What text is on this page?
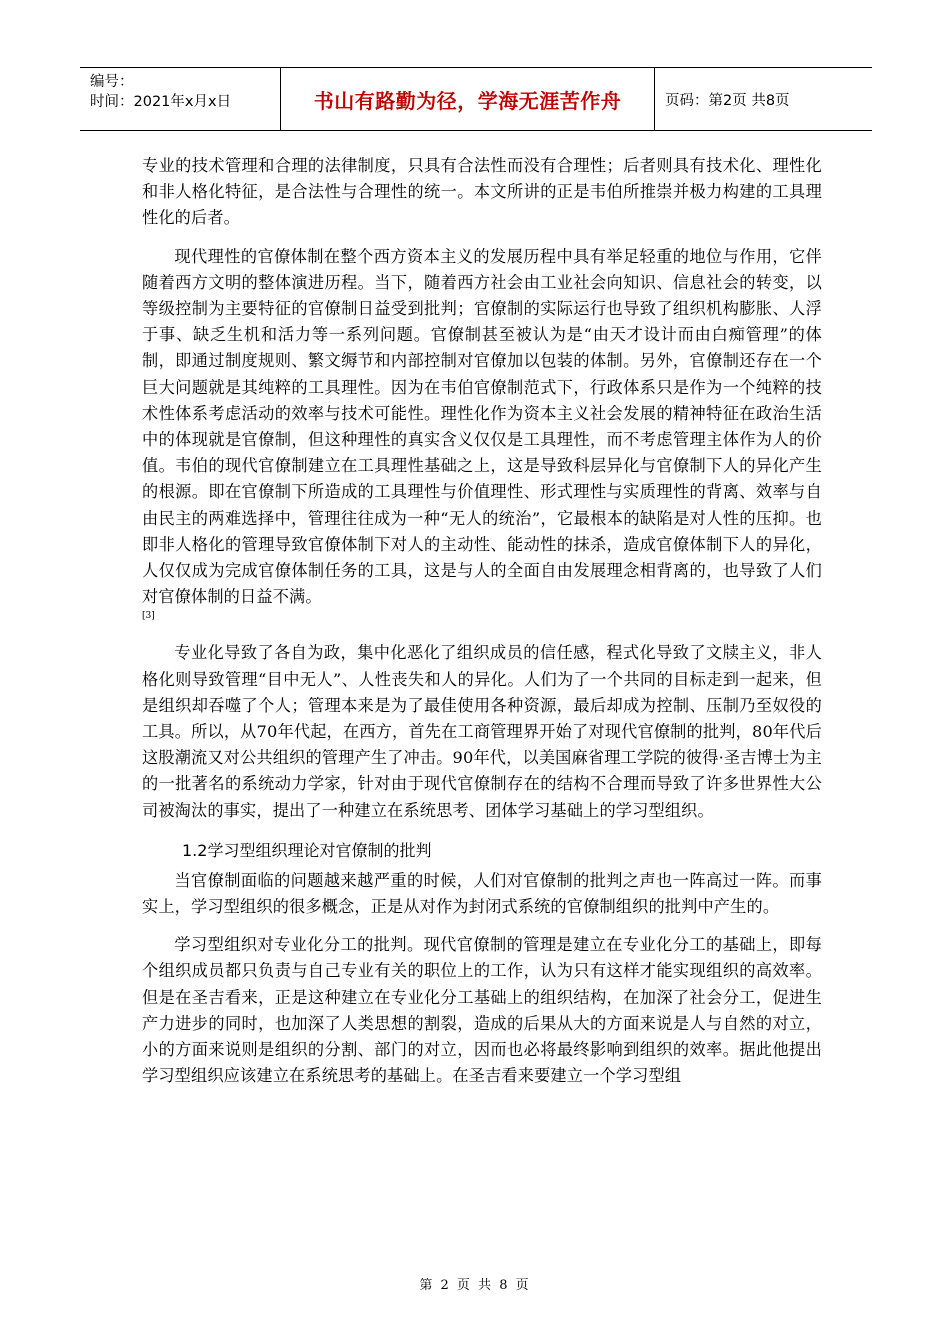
编号：
时间：2021年x月x日	书山有路勤为径，学海无涯苦作舟	页码：第2页 共8页

专业的技术管理和合理的法律制度，只具有合法性而没有合理性；后者则具有技术化、理性化和非人格化特征，是合法性与合理性的统一。本文所讲的正是韦伯所推崇并极力构建的工具理性化的后者。

现代理性的官僚体制在整个西方资本主义的发展历程中具有举足轻重的地位与作用，它伴随着西方文明的整体演进历程。当下，随着西方社会由工业社会向知识、信息社会的转变，以等级控制为主要特征的官僚制日益受到批判；官僚制的实际运行也导致了组织机构膨胀、人浮于事、缺乏生机和活力等一系列问题。官僚制甚至被认为是“由天才设计而由白痴管理”的体制，即通过制度规则、繁文缛节和内部控制对官僚加以包装的体制。另外，官僚制还存在一个巨大问题就是其纯粹的工具理性。因为在韦伯官僚制范式下，行政体系只是作为一个纯粹的技术性体系考虑活动的效率与技术可能性。理性化作为资本主义社会发展的精神特征在政治生活中的体现就是官僚制，但这种理性的真实含义仅仅是工具理性，而不考虑管理主体作为人的价值。韦伯的现代官僚制建立在工具理性基础之上，这是导致科层异化与官僚制下人的异化产生的根源。即在官僚制下所造成的工具理性与价值理性、形式理性与实质理性的背离、效率与自由民主的两难选择中，管理往往成为一种“无人的统治”，它最根本的缺陷是对人性的压抑。也即非人格化的管理导致官僚体制下对人的主动性、能动性的抹杀，造成官僚体制下人的异化，人仅仅成为完成官僚体制任务的工具，这是与人的全面自由发展理念相背离的，也导致了人们对官僚体制的日益不满。

[3]

专业化导致了各自为政，集中化恶化了组织成员的信任感，程式化导致了文牍主义，非人格化则导致管理“目中无人”、人性丧失和人的异化。人们为了一个共同的目标走到一起来，但是组织却吞噬了个人；管理本来是为了最佳使用各种资源，最后却成为控制、压制乃至奴役的工具。所以，从70年代起，在西方，首先在工商管理界开始了对现代官僚制的批判，80年代后这股潮流又对公共组织的管理产生了冲击。90年代，以美国麻省理工学院的彼得·圣吉博士为主的一批著名的系统动力学家，针对由于现代官僚制存在的结构不合理而导致了许多世界性大公司被淘汰的事实，提出了一种建立在系统思考、团体学习基础上的学习型组织。

1.2学习型组织理论对官僚制的批判

当官僚制面临的问题越来越严重的时候，人们对官僚制的批判之声也一阵高过一阵。而事实上，学习型组织的很多概念，正是从对作为封闭式系统的官僚制组织的批判中产生的。

学习型组织对专业化分工的批判。现代官僚制的管理是建立在专业化分工的基础上，即每个组织成员都只负责与自己专业有关的职位上的工作，认为只有这样才能实现组织的高效率。但是在圣吉看来，正是这种建立在专业化分工基础上的组织结构，在加深了社会分工，促进生产力进步的同时，也加深了人类思想的割裂，造成的后果从大的方面来说是人与自然的对立，小的方面来说则是组织的分割、部门的对立，因而也必将最终影响到组织的效率。据此他提出学习型组织应该建立在系统思考的基础上。在圣吉看来要建立一个学习型组

第 2 页 共 8 页
